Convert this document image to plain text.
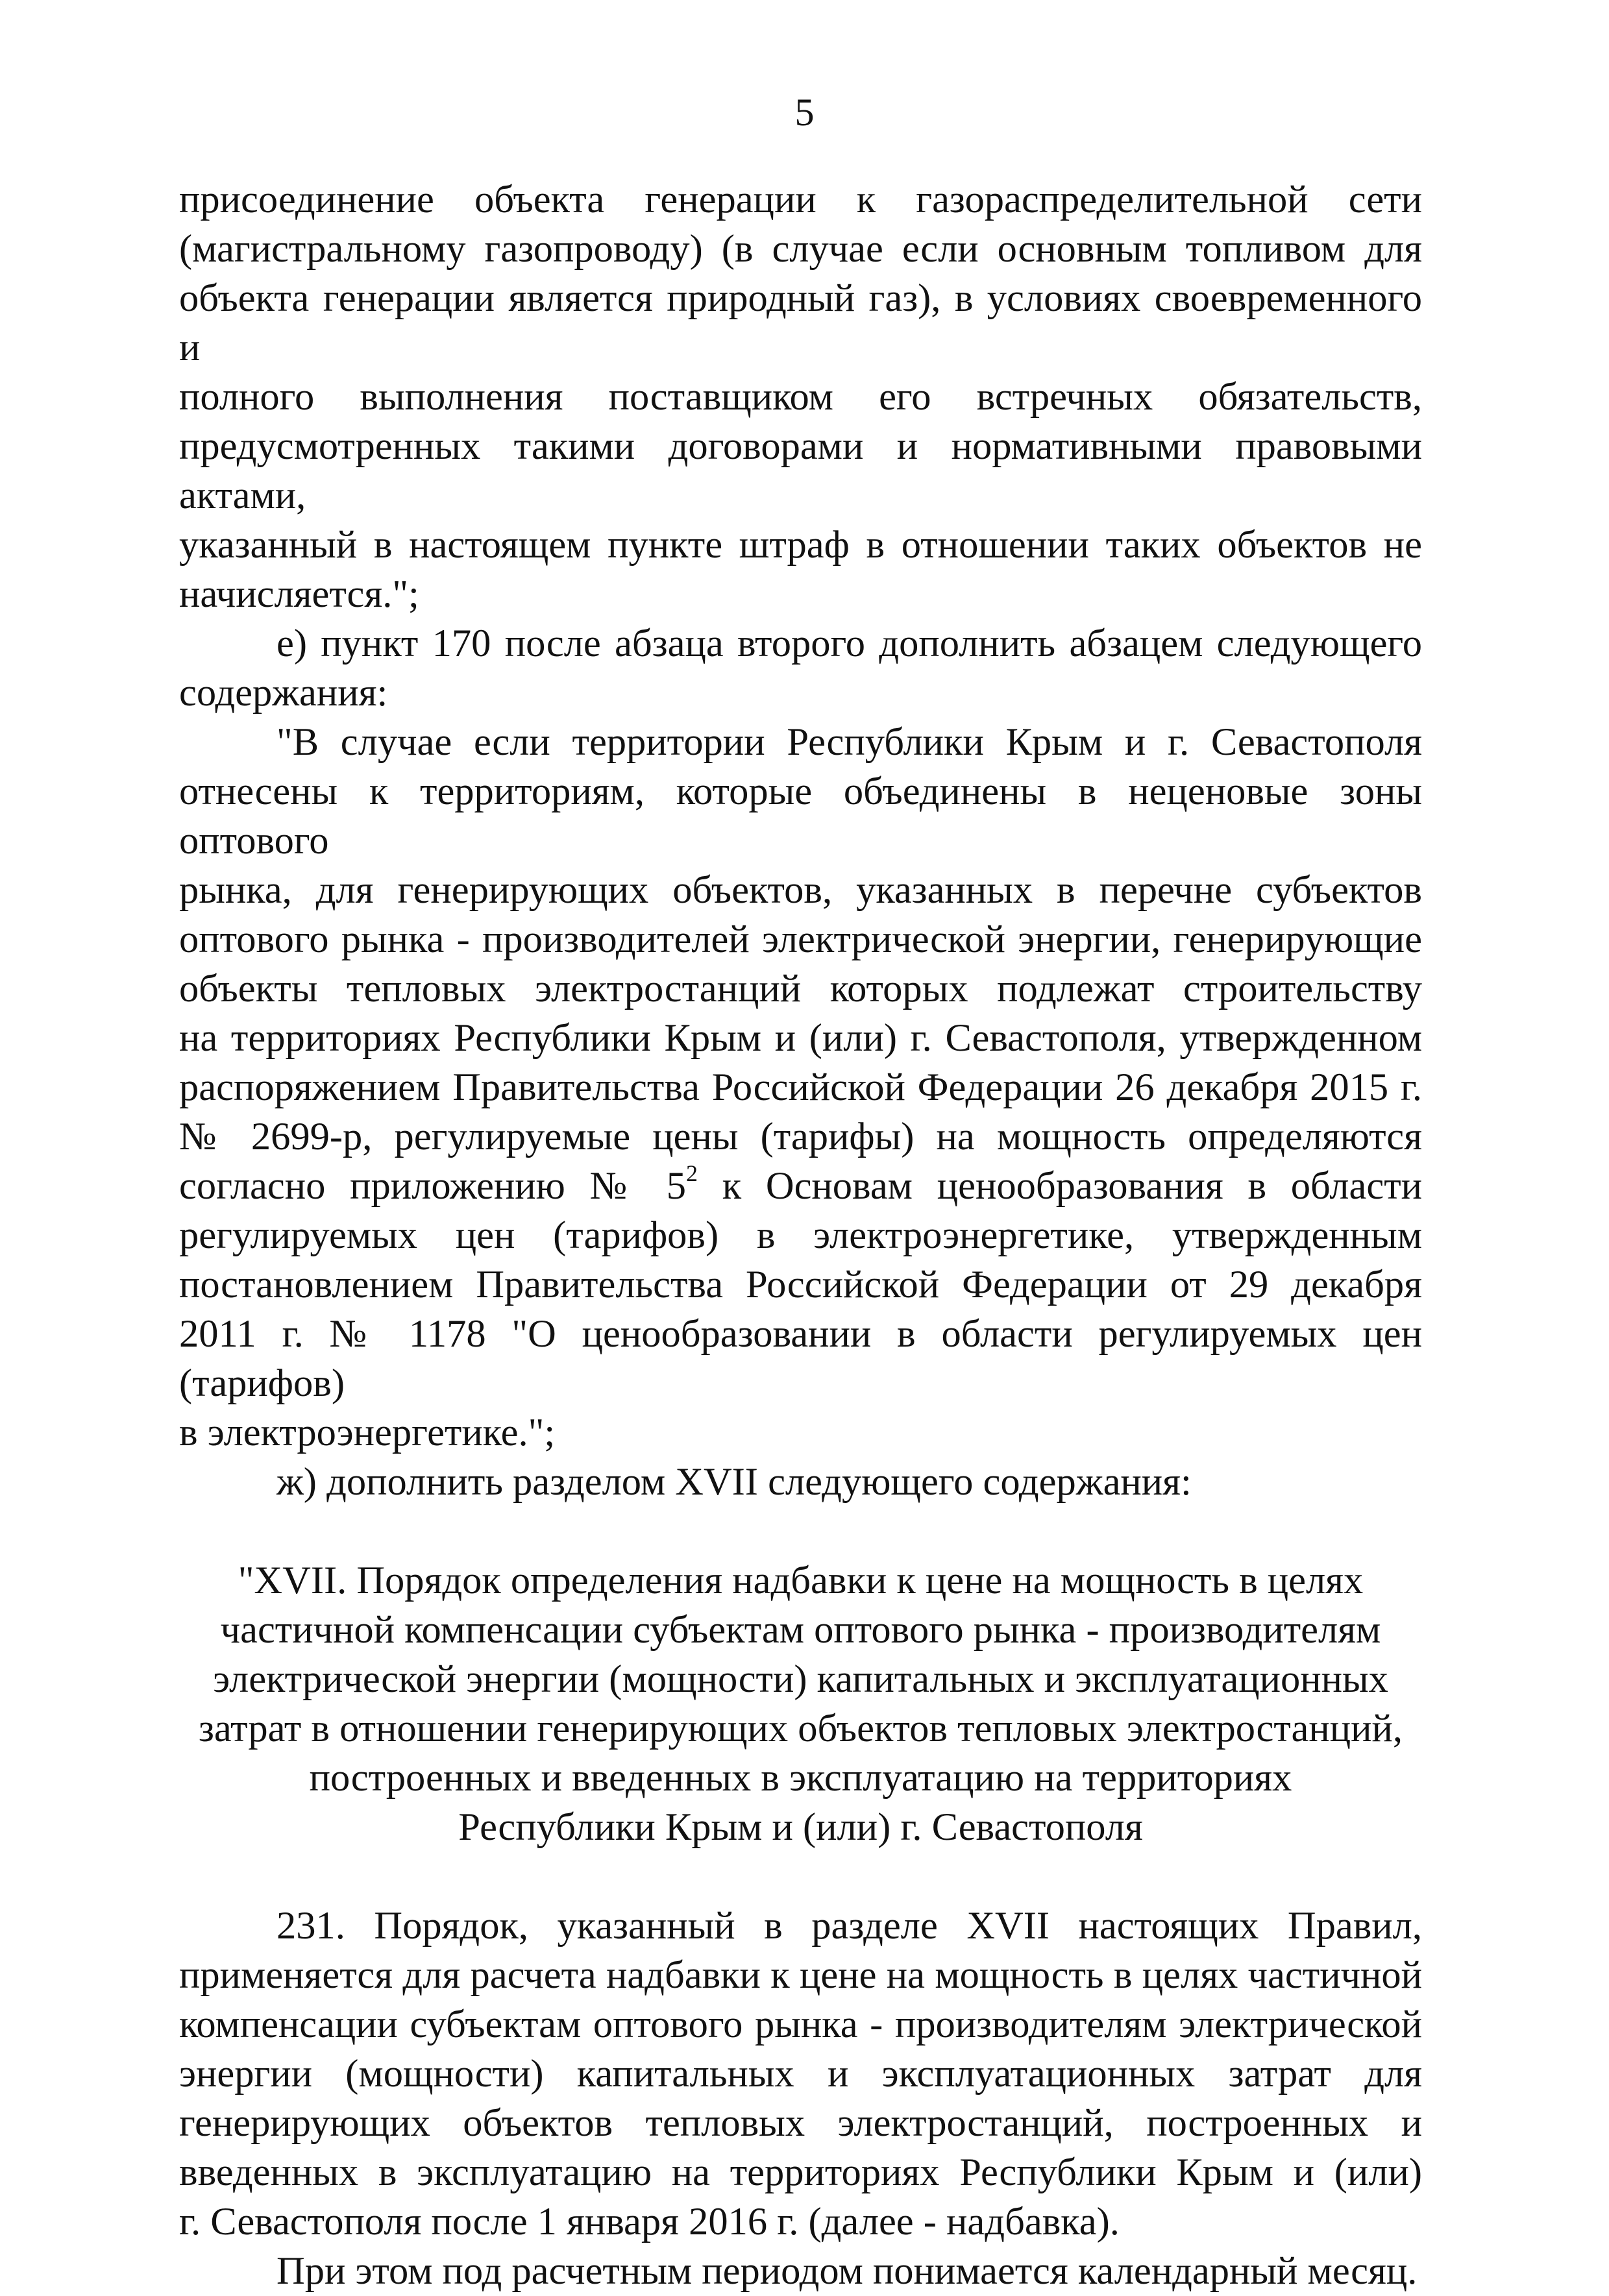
5

присоединение объекта генерации к газораспределительной сети

(магистральному газопроводу) (в случае если основным топливом для

объекта генерации является природный газ), в условиях своевременного и

полного выполнения поставщиком его встречных обязательств,

предусмотренных такими договорами и нормативными правовыми актами,

указанный в настоящем пункте штраф в отношении таких объектов не

начисляется.";

е) пункт 170 после абзаца второго дополнить абзацем следующего

содержания:

"В случае если территории Республики Крым и г. Севастополя

отнесены к территориям, которые объединены в неценовые зоны оптового

рынка, для генерирующих объектов, указанных в перечне субъектов

оптового рынка - производителей электрической энергии, генерирующие

объекты тепловых электростанций которых подлежат строительству

на территориях Республики Крым и (или) г. Севастополя, утвержденном

распоряжением Правительства Российской Федерации 26 декабря 2015 г.

№ 2699-р, регулируемые цены (тарифы) на мощность определяются

согласно приложению № $5^2$ к Основам ценообразования в области

регулируемых цен (тарифов) в электроэнергетике, утвержденным

постановлением Правительства Российской Федерации от 29 декабря

2011 г. № 1178 "О ценообразовании в области регулируемых цен (тарифов)

в электроэнергетике.";

ж) дополнить разделом XVII следующего содержания:

"XVII. Порядок определения надбавки к цене на мощность в целях
частичной компенсации субъектам оптового рынка - производителям
электрической энергии (мощности) капитальных и эксплуатационных
затрат в отношении генерирующих объектов тепловых электростанций,
построенных и введенных в эксплуатацию на территориях
Республики Крым и (или) г. Севастополя

231. Порядок, указанный в разделе XVII настоящих Правил,

применяется для расчета надбавки к цене на мощность в целях частичной

компенсации субъектам оптового рынка - производителям электрической

энергии (мощности) капитальных и эксплуатационных затрат для

генерирующих объектов тепловых электростанций, построенных и

введенных в эксплуатацию на территориях Республики Крым и (или)

г. Севастополя после 1 января 2016 г. (далее - надбавка).

При этом под расчетным периодом понимается календарный месяц.
